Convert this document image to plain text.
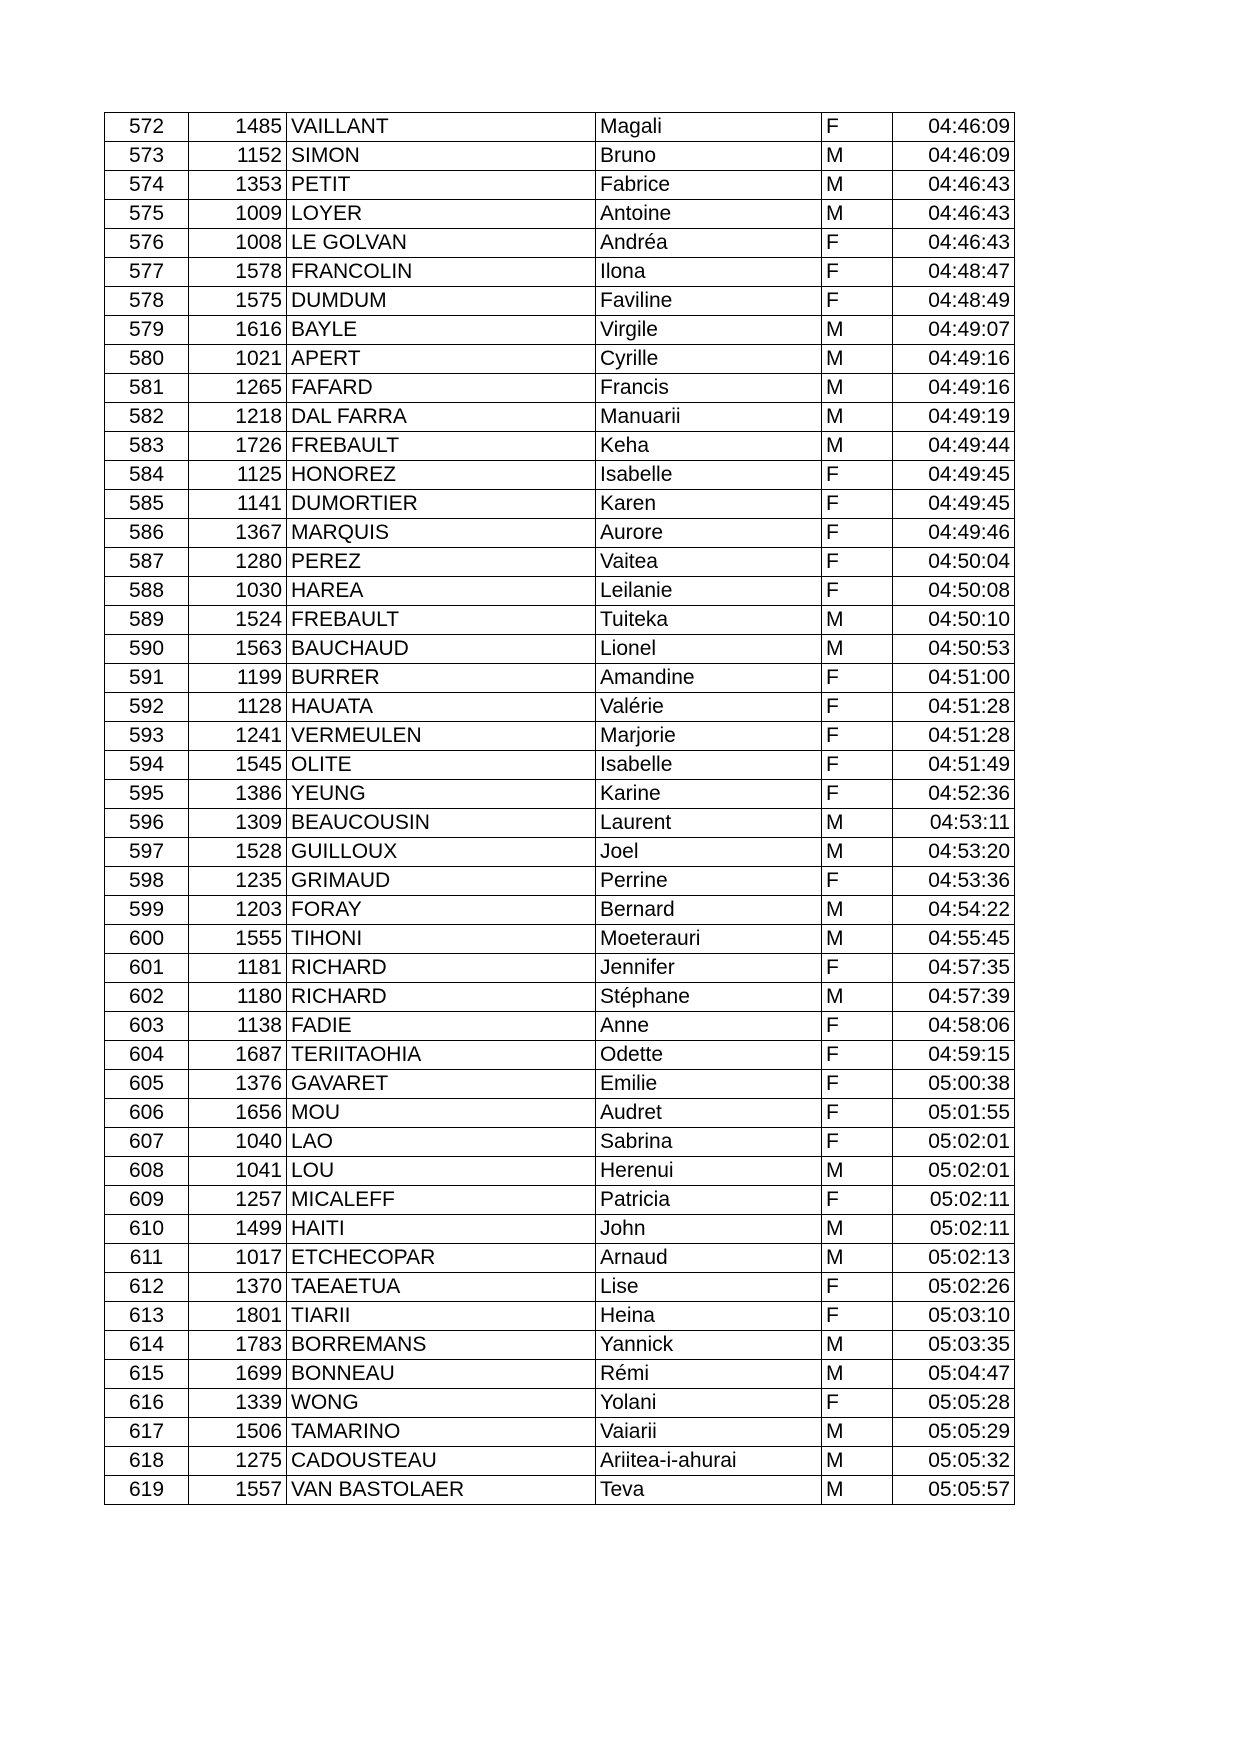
572	1485	VAILLANT	Magali	F	04:46:09
573	1152	SIMON	Bruno	M	04:46:09
574	1353	PETIT	Fabrice	M	04:46:43
575	1009	LOYER	Antoine	M	04:46:43
576	1008	LE GOLVAN	Andréa	F	04:46:43
577	1578	FRANCOLIN	Ilona	F	04:48:47
578	1575	DUMDUM	Faviline	F	04:48:49
579	1616	BAYLE	Virgile	M	04:49:07
580	1021	APERT	Cyrille	M	04:49:16
581	1265	FAFARD	Francis	M	04:49:16
582	1218	DAL FARRA	Manuarii	M	04:49:19
583	1726	FREBAULT	Keha	M	04:49:44
584	1125	HONOREZ	Isabelle	F	04:49:45
585	1141	DUMORTIER	Karen	F	04:49:45
586	1367	MARQUIS	Aurore	F	04:49:46
587	1280	PEREZ	Vaitea	F	04:50:04
588	1030	HAREA	Leilanie	F	04:50:08
589	1524	FREBAULT	Tuiteka	M	04:50:10
590	1563	BAUCHAUD	Lionel	M	04:50:53
591	1199	BURRER	Amandine	F	04:51:00
592	1128	HAUATA	Valérie	F	04:51:28
593	1241	VERMEULEN	Marjorie	F	04:51:28
594	1545	OLITE	Isabelle	F	04:51:49
595	1386	YEUNG	Karine	F	04:52:36
596	1309	BEAUCOUSIN	Laurent	M	04:53:11
597	1528	GUILLOUX	Joel	M	04:53:20
598	1235	GRIMAUD	Perrine	F	04:53:36
599	1203	FORAY	Bernard	M	04:54:22
600	1555	TIHONI	Moeterauri	M	04:55:45
601	1181	RICHARD	Jennifer	F	04:57:35
602	1180	RICHARD	Stéphane	M	04:57:39
603	1138	FADIE	Anne	F	04:58:06
604	1687	TERIITAOHIA	Odette	F	04:59:15
605	1376	GAVARET	Emilie	F	05:00:38
606	1656	MOU	Audret	F	05:01:55
607	1040	LAO	Sabrina	F	05:02:01
608	1041	LOU	Herenui	M	05:02:01
609	1257	MICALEFF	Patricia	F	05:02:11
610	1499	HAITI	John	M	05:02:11
611	1017	ETCHECOPAR	Arnaud	M	05:02:13
612	1370	TAEAETUA	Lise	F	05:02:26
613	1801	TIARII	Heina	F	05:03:10
614	1783	BORREMANS	Yannick	M	05:03:35
615	1699	BONNEAU	Rémi	M	05:04:47
616	1339	WONG	Yolani	F	05:05:28
617	1506	TAMARINO	Vaiarii	M	05:05:29
618	1275	CADOUSTEAU	Ariitea-i-ahurai	M	05:05:32
619	1557	VAN BASTOLAER	Teva	M	05:05:57
